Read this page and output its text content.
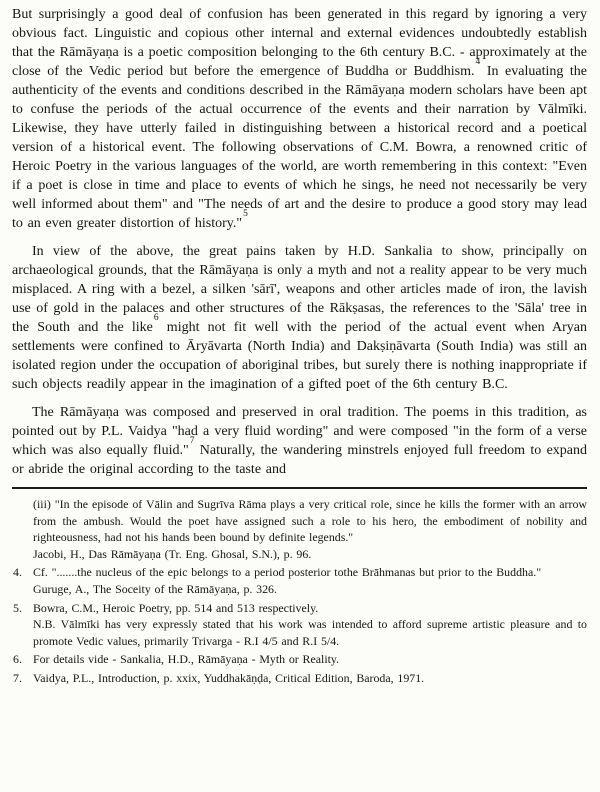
But surprisingly a good deal of confusion has been generated in this regard by ignoring a very obvious fact. Linguistic and copious other internal and external evidences undoubtedly establish that the Rāmāyaṇa is a poetic composition belonging to the 6th century B.C. - approximately at the close of the Vedic period but before the emergence of Buddha or Buddhism.$^4$ In evaluating the authenticity of the events and conditions described in the Rāmāyaṇa modern scholars have been apt to confuse the periods of the actual occurrence of the events and their narration by Vālmīki. Likewise, they have utterly failed in distinguishing between a historical record and a poetical version of a historical event. The following observations of C.M. Bowra, a renowned critic of Heroic Poetry in the various languages of the world, are worth remembering in this context: "Even if a poet is close in time and place to events of which he sings, he need not necessarily be very well informed about them" and "The needs of art and the desire to produce a good story may lead to an even greater distortion of history."$^5$

In view of the above, the great pains taken by H.D. Sankalia to show, principally on archaeological grounds, that the Rāmāyaṇa is only a myth and not a reality appear to be very much misplaced. A ring with a bezel, a silken 'sārī', weapons and other articles made of iron, the lavish use of gold in the palaces and other structures of the Rākṣasas, the references to the 'Sāla' tree in the South and the like$^6$ might not fit well with the period of the actual event when Aryan settlements were confined to Āryāvarta (North India) and Dakṣiṇāvarta (South India) was still an isolated region under the occupation of aboriginal tribes, but surely there is nothing inappropriate if such objects readily appear in the imagination of a gifted poet of the 6th century B.C.

The Rāmāyaṇa was composed and preserved in oral tradition. The poems in this tradition, as pointed out by P.L. Vaidya "had a very fluid wording" and were composed "in the form of a verse which was also equally fluid."$^7$ Naturally, the wandering minstrels enjoyed full freedom to expand or abride the original according to the taste and

(iii) "In the episode of Vālin and Sugrīva Rāma plays a very critical role, since he kills the former with an arrow from the ambush. Would the poet have assigned such a role to his hero, the embodiment of nobility and righteousness, had not his hands been bound by definite legends."
Jacobi, H., Das Rāmāyaṇa (Tr. Eng. Ghosal, S.N.), p. 96.
4. Cf. ".......the nucleus of the epic belongs to a period posterior tothe Brāhmanas but prior to the Buddha."
Guruge, A., The Soceity of the Rāmāyaṇa, p. 326.
5. Bowra, C.M., Heroic Poetry, pp. 514 and 513 respectively.
N.B. Vālmīki has very expressly stated that his work was intended to afford supreme artistic pleasure and to promote Vedic values, primarily Trivarga - R.I 4/5 and R.I 5/4.
6. For details vide - Sankalia, H.D., Rāmāyaṇa - Myth or Reality.
7. Vaidya, P.L., Introduction, p. xxix, Yuddhakāṇḍa, Critical Edition, Baroda, 1971.
